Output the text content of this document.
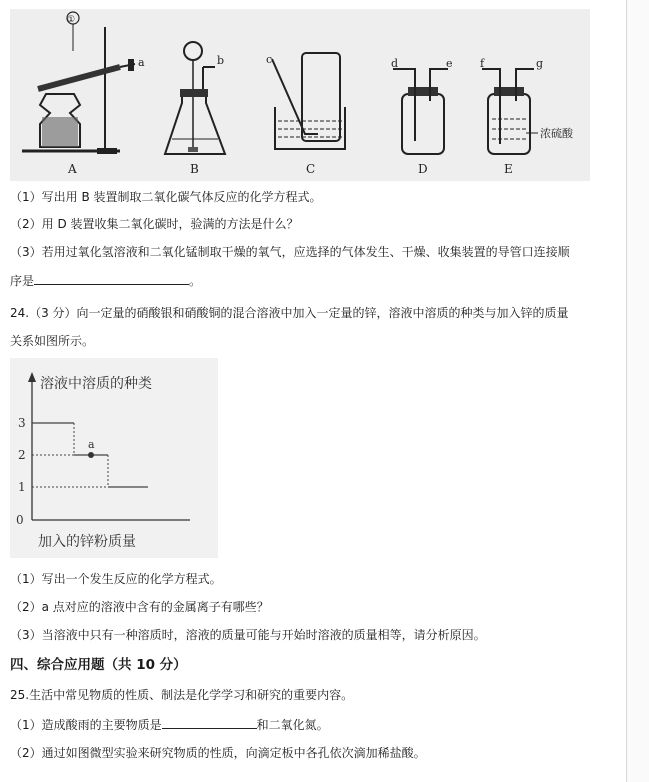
①
a
A
b
B
c
C
d	e
D
f	g
浓硫酸
E
（1）写出用 B 装置制取二氧化碳气体反应的化学方程式。
（2）用 D 装置收集二氧化碳时，验满的方法是什么？
（3）若用过氧化氢溶液和二氧化锰制取干燥的氧气，应选择的气体发生、干燥、收集装置的导管口连接顺
序是	。
24.（3 分）向一定量的硝酸银和硝酸铜的混合溶液中加入一定量的锌，溶液中溶质的种类与加入锌的质量
关系如图所示。
溶液中溶质的种类
0
1
2
3
a
加入的锌粉质量
（1）写出一个发生反应的化学方程式。
（2）a 点对应的溶液中含有的金属离子有哪些？
（3）当溶液中只有一种溶质时，溶液的质量可能与开始时溶液的质量相等，请分析原因。
四、综合应用题（共 10 分）
25.生活中常见物质的性质、制法是化学学习和研究的重要内容。
（1）造成酸雨的主要物质是	和二氧化氮。
（2）通过如图微型实验来研究物质的性质，向滴定板中各孔依次滴加稀盐酸。
